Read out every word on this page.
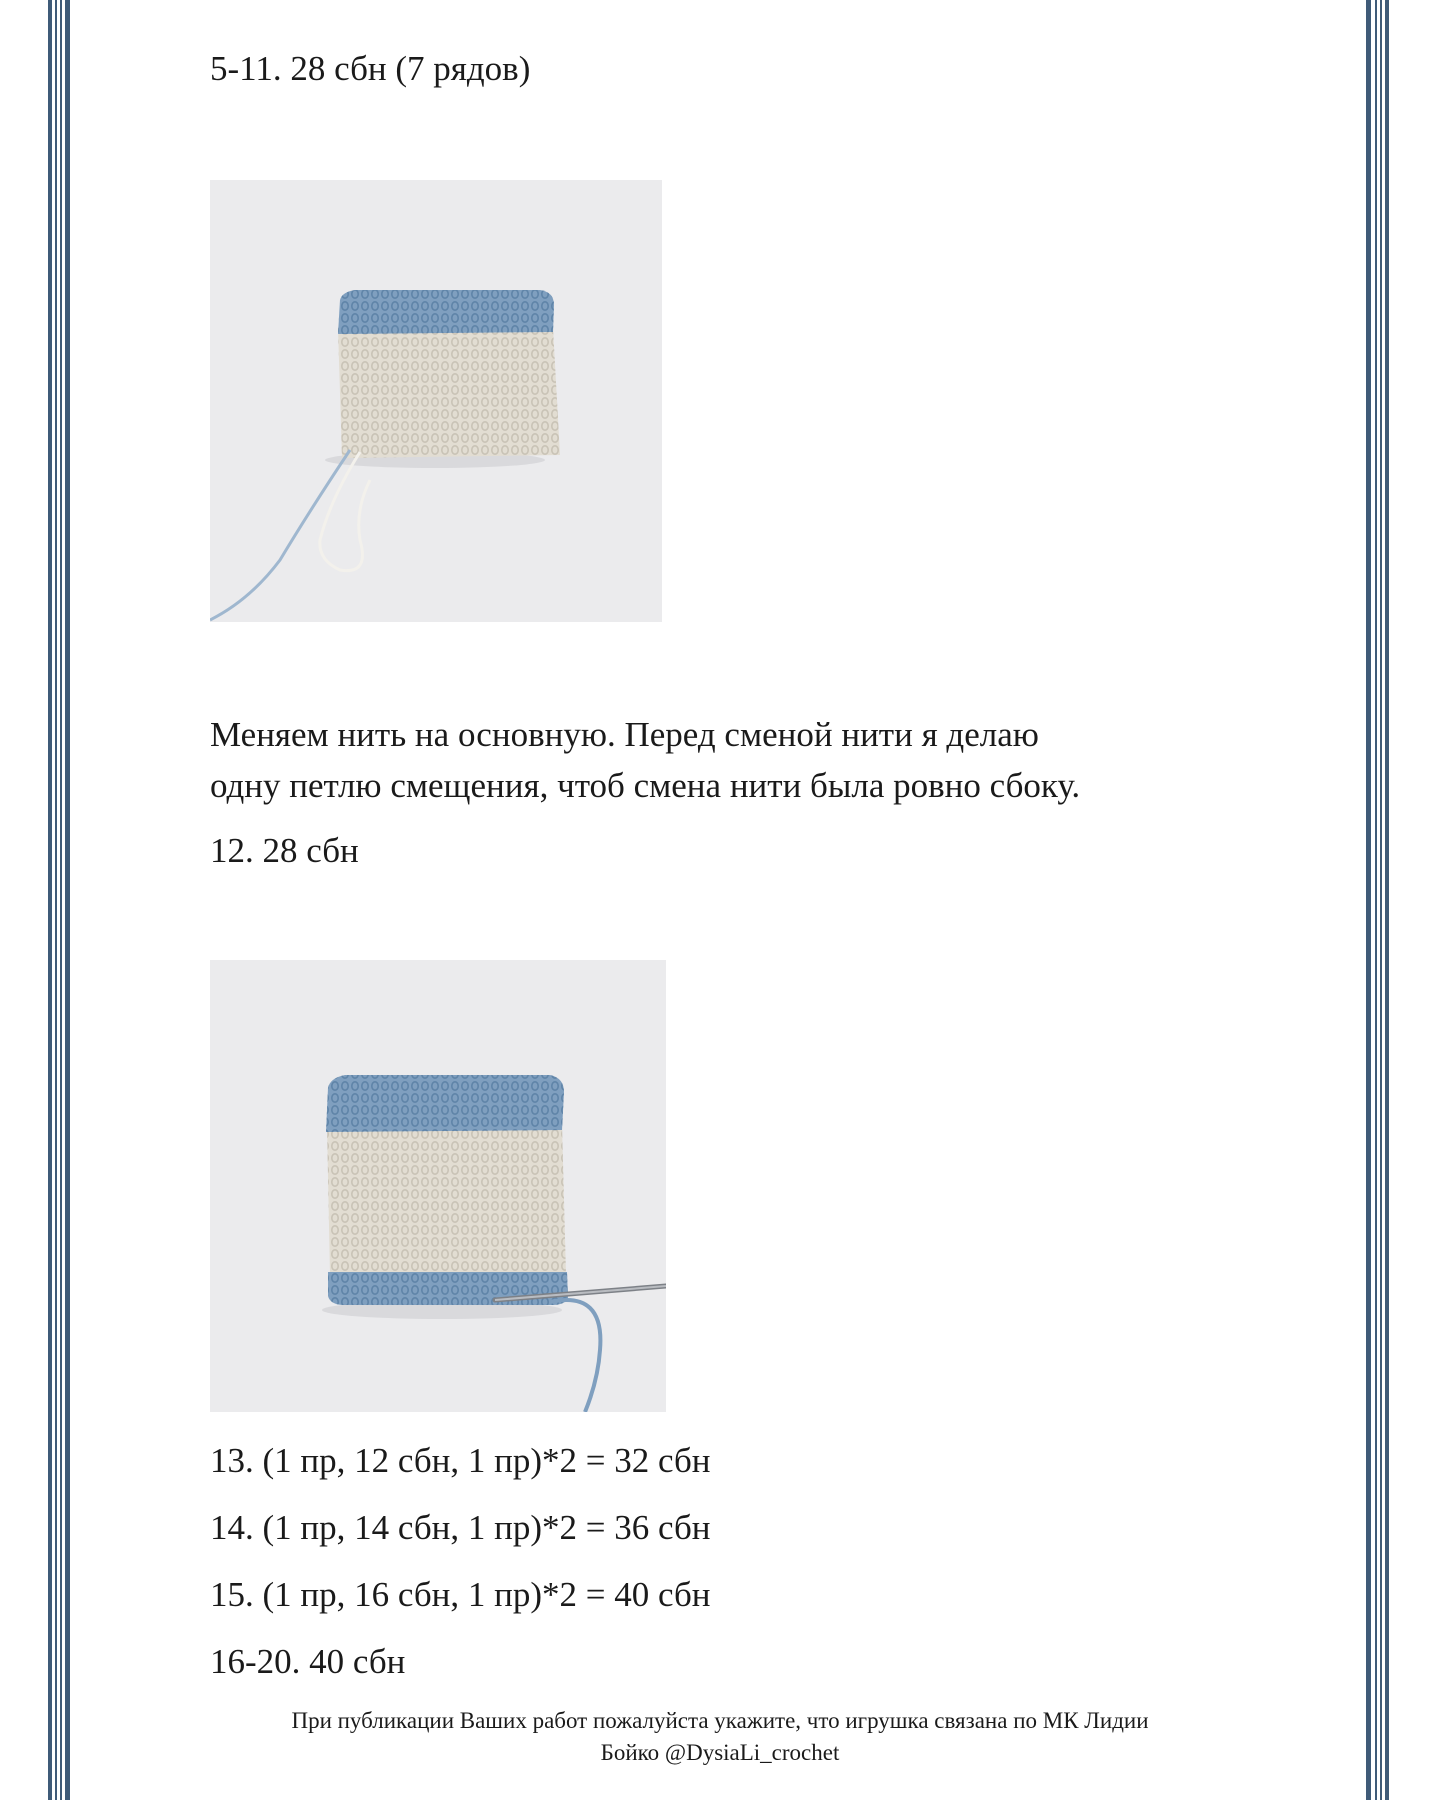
5-11. 28 сбн (7 рядов)
Меняем нить на основную. Перед сменой нити я делаю
одну петлю смещения, чтоб смена нити была ровно сбоку.
12. 28 сбн
13. (1 пр, 12 сбн, 1 пр)*2 = 32 сбн
14. (1 пр, 14 сбн, 1 пр)*2 = 36 сбн
15. (1 пр, 16 сбн, 1 пр)*2 = 40 сбн
16-20. 40 сбн
При публикации Ваших работ пожалуйста укажите, что игрушка связана по МК Лидии
Бойко @DysiaLi_crochet
